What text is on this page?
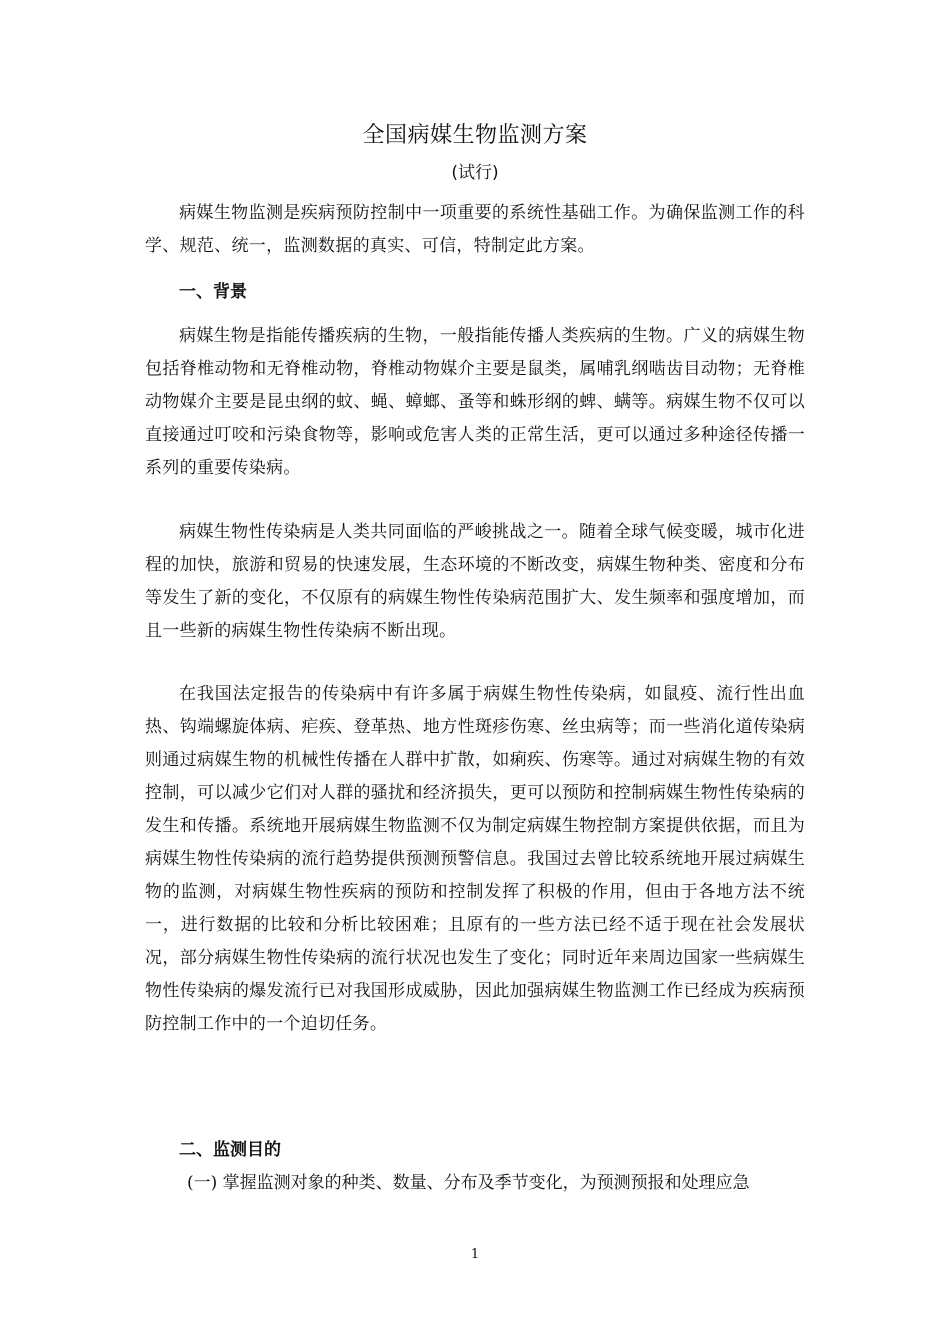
全国病媒生物监测方案
(试行)

病媒生物监测是疾病预防控制中一项重要的系统性基础工作。为确保监测工作的科学、规范、统一，监测数据的真实、可信，特制定此方案。

一、背景

病媒生物是指能传播疾病的生物，一般指能传播人类疾病的生物。广义的病媒生物包括脊椎动物和无脊椎动物，脊椎动物媒介主要是鼠类，属哺乳纲啮齿目动物；无脊椎动物媒介主要是昆虫纲的蚊、蝇、蟑螂、蚤等和蛛形纲的蜱、螨等。病媒生物不仅可以直接通过叮咬和污染食物等，影响或危害人类的正常生活，更可以通过多种途径传播一系列的重要传染病。

病媒生物性传染病是人类共同面临的严峻挑战之一。随着全球气候变暖，城市化进程的加快，旅游和贸易的快速发展，生态环境的不断改变，病媒生物种类、密度和分布等发生了新的变化，不仅原有的病媒生物性传染病范围扩大、发生频率和强度增加，而且一些新的病媒生物性传染病不断出现。

在我国法定报告的传染病中有许多属于病媒生物性传染病，如鼠疫、流行性出血热、钩端螺旋体病、疟疾、登革热、地方性斑疹伤寒、丝虫病等；而一些消化道传染病则通过病媒生物的机械性传播在人群中扩散，如痢疾、伤寒等。通过对病媒生物的有效控制，可以减少它们对人群的骚扰和经济损失，更可以预防和控制病媒生物性传染病的发生和传播。系统地开展病媒生物监测不仅为制定病媒生物控制方案提供依据，而且为病媒生物性传染病的流行趋势提供预测预警信息。我国过去曾比较系统地开展过病媒生物的监测，对病媒生物性疾病的预防和控制发挥了积极的作用，但由于各地方法不统一，进行数据的比较和分析比较困难；且原有的一些方法已经不适于现在社会发展状况，部分病媒生物性传染病的流行状况也发生了变化；同时近年来周边国家一些病媒生物性传染病的爆发流行已对我国形成威胁，因此加强病媒生物监测工作已经成为疾病预防控制工作中的一个迫切任务。

二、监测目的

(一) 掌握监测对象的种类、数量、分布及季节变化，为预测预报和处理应急

1
